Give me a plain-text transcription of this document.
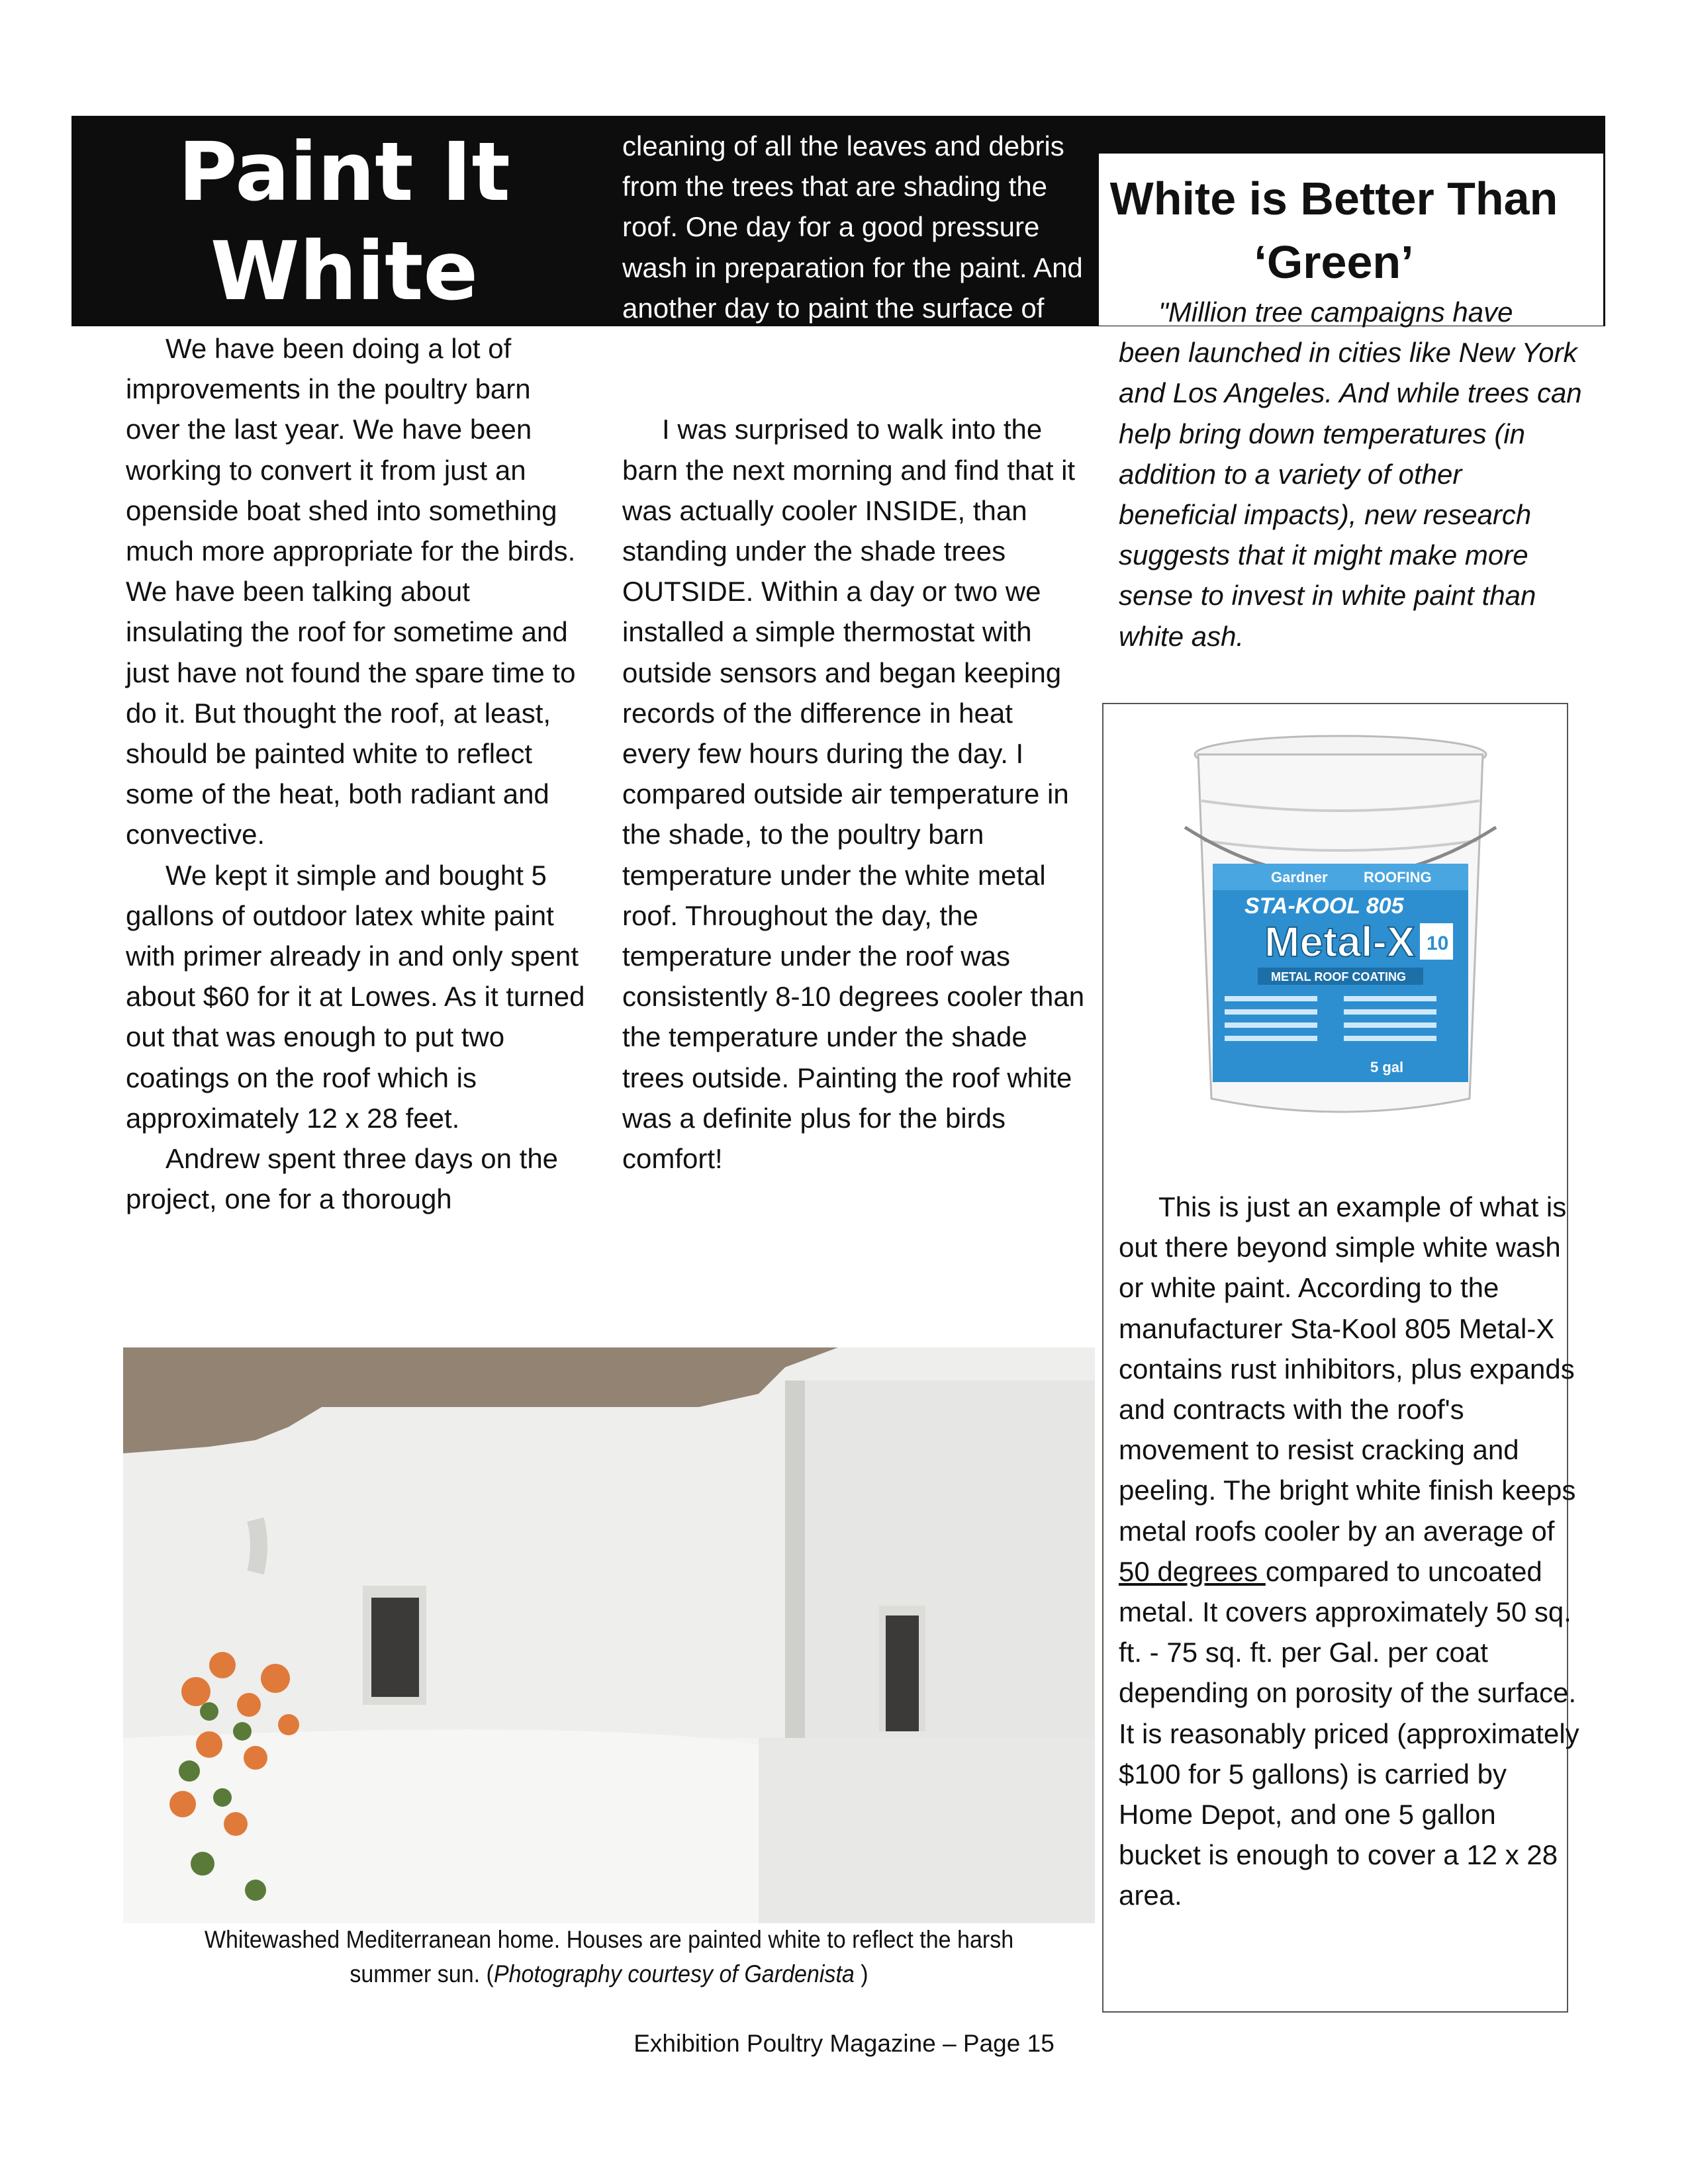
Paint It
White
White is Better Than
‘Green’

We have been doing a lot of improvements in the poultry barn over the last year. We have been working to convert it from just an openside boat shed into something much more appropriate for the birds. We have been talking about insulating the roof for sometime and just have not found the spare time to do it. But thought the roof, at least, should be painted white to reflect some of the heat, both radiant and convective.

We kept it simple and bought 5 gallons of outdoor latex white paint with primer already in and only spent about $60 for it at Lowes. As it turned out that was enough to put two coatings on the roof which is approximately 12 x 28 feet.

Andrew spent three days on the project, one for a thorough

cleaning of all the leaves and debris from the trees that are shading the roof. One day for a good pressure wash in preparation for the paint. And another day to paint the surface of the metal roof with one coat of the white paint.

I was surprised to walk into the barn the next morning and find that it was actually cooler INSIDE, than standing under the shade trees OUTSIDE. Within a day or two we installed a simple thermostat with outside sensors and began keeping records of the difference in heat every few hours during the day. I compared outside air temperature in the shade, to the poultry barn temperature under the white metal roof. Throughout the day, the temperature under the roof was consistently 8-10 degrees cooler than the temperature under the shade trees outside. Painting the roof white was a definite plus for the birds comfort!

"Million tree campaigns have been launched in cities like New York and Los Angeles. And while trees can help bring down temperatures (in addition to a variety of other beneficial impacts), new research suggests that it might make more sense to invest in white paint than white ash.

Gardner ROOFING
STA-KOOL 805
Metal-X 10
METAL ROOF COATING
5 gal

This is just an example of what is out there beyond simple white wash or white paint. According to the manufacturer Sta-Kool 805 Metal-X contains rust inhibitors, plus expands and contracts with the roof's movement to resist cracking and peeling. The bright white finish keeps metal roofs cooler by an average of 50 degrees compared to uncoated metal. It covers approximately 50 sq. ft. - 75 sq. ft. per Gal. per coat depending on porosity of the surface. It is reasonably priced (approximately $100 for 5 gallons) is carried by Home Depot, and one 5 gallon bucket is enough to cover a 12 x 28 area.

Whitewashed Mediterranean home. Houses are painted white to reflect the harsh summer sun. (Photography courtesy of Gardenista )
Exhibition Poultry Magazine – Page 15
